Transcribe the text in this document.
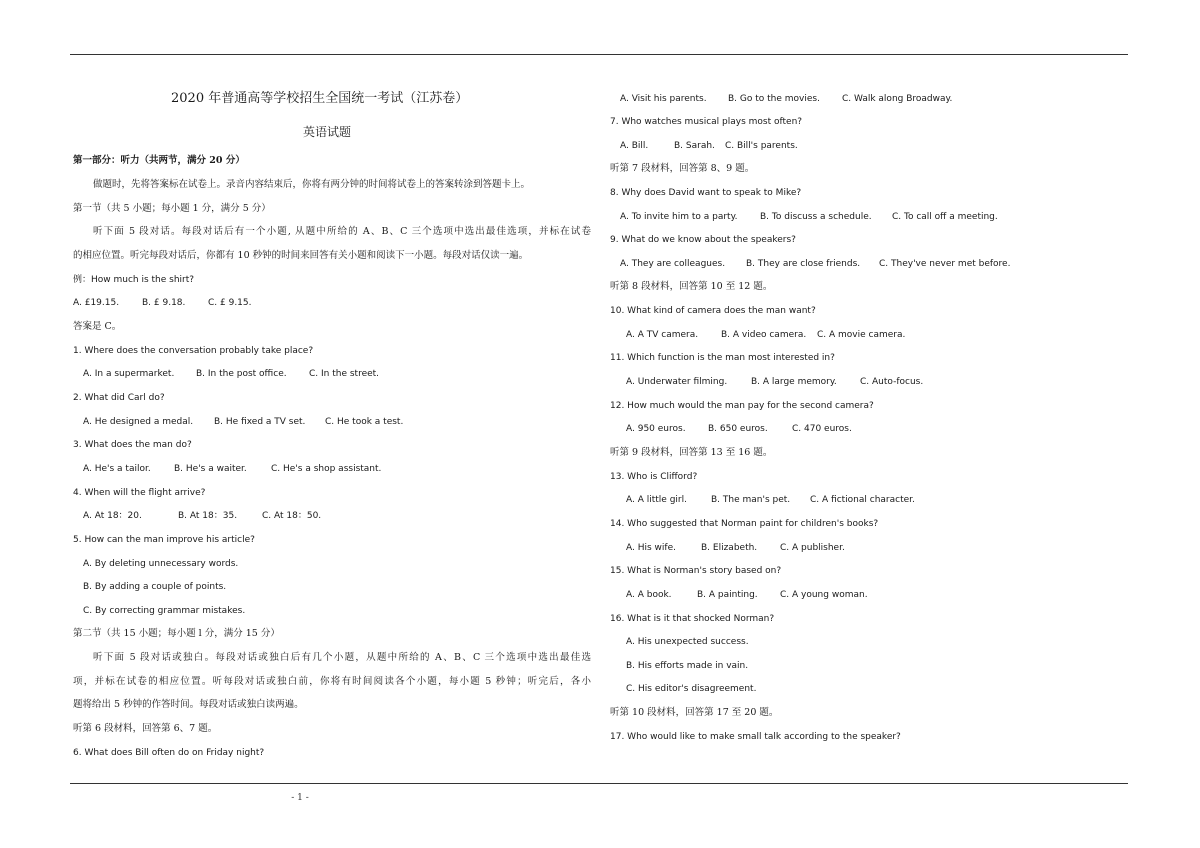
2020 年普通高等学校招生全国统一考试（江苏卷）
英语试题
第一部分：听力（共两节，满分 20 分）
做题时，先将答案标在试卷上。录音内容结束后，你将有两分钟的时间将试卷上的答案转涂到答题卡上。
第一节（共 5 小题；每小题 1 分，满分 5 分）
听下面 5 段对话。每段对话后有一个小题, 从题中所给的 A、B、C 三个选项中选出最佳选项，并标在试卷
的相应位置。听完每段对话后，你都有 10 秒钟的时间来回答有关小题和阅读下一小题。每段对话仅读一遍。
例：How much is the shirt?
A. £19.15.	B. £ 9.18.	C. £ 9.15.
答案是 C。
1. Where does the conversation probably take place?
A. In a supermarket. B. In the post office. C. In the street.
2. What did Carl do?
A. He designed a medal. B. He fixed a TV set. C. He took a test.
3. What does the man do?
A. He's a tailor.	B. He's a waiter.	C. He's a shop assistant.
4. When will the flight arrive?
A. At 18：20.	B. At 18：35.	C. At 18：50.
5. How can the man improve his article?
A. By deleting unnecessary words.
B. By adding a couple of points.
C. By correcting grammar mistakes.
第二节（共 15 小题；每小题 l 分，满分 15 分）
听下面 5 段对话或独白。每段对话或独白后有几个小题，从题中所给的 A、B、C 三个选项中选出最佳选
项，并标在试卷的相应位置。听每段对话或独白前，你将有时间阅读各个小题，每小题 5 秒钟；听完后，各小
题将给出 5 秒钟的作答时间。每段对话或独白读两遍。
听第 6 段材料，回答第 6、7 题。
6. What does Bill often do on Friday night?
A. Visit his parents. B. Go to the movies. C. Walk along Broadway.
7. Who watches musical plays most often?
A. Bill.	B. Sarah. C. Bill's parents.
听第 7 段材料，回答第 8、9 题。
8. Why does David want to speak to Mike?
A. To invite him to a party.	B. To discuss a schedule. C. To call off a meeting.
9. What do we know about the speakers?
A. They are colleagues. B. They are close friends. C. They've never met before.
听第 8 段材料，回答第 10 至 12 题。
10. What kind of camera does the man want?
A. A TV camera.	B. A video camera. C. A movie camera.
11. Which function is the man most interested in?
A. Underwater filming.	B. A large memory.	C. Auto-focus.
12. How much would the man pay for the second camera?
A. 950 euros. B. 650 euros.	C. 470 euros.
听第 9 段材料，回答第 13 至 16 题。
13. Who is Clifford?
A. A little girl.	B. The man's pet. C. A fictional character.
14. Who suggested that Norman paint for children's books?
A. His wife.	B. Elizabeth.	C. A publisher.
15. What is Norman's story based on?
A. A book.	B. A painting. C. A young woman.
16. What is it that shocked Norman?
A. His unexpected success.
B. His efforts made in vain.
C. His editor's disagreement.
听第 10 段材料，回答第 17 至 20 题。
17. Who would like to make small talk according to the speaker?
- 1 -
